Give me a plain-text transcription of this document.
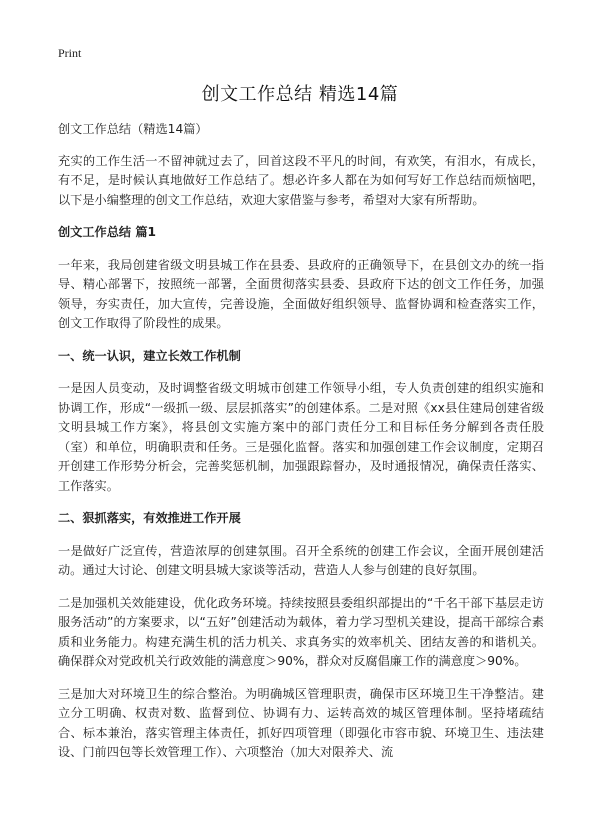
Print
创文工作总结 精选14篇

创文工作总结（精选14篇）

充实的工作生活一不留神就过去了，回首这段不平凡的时间，有欢笑，有泪水，有成长，有不足，是时候认真地做好工作总结了。想必许多人都在为如何写好工作总结而烦恼吧，以下是小编整理的创文工作总结，欢迎大家借鉴与参考，希望对大家有所帮助。

创文工作总结 篇1

一年来，我局创建省级文明县城工作在县委、县政府的正确领导下，在县创文办的统一指导、精心部署下，按照统一部署，全面贯彻落实县委、县政府下达的创文工作任务，加强领导，夯实责任，加大宣传，完善设施，全面做好组织领导、监督协调和检查落实工作，创文工作取得了阶段性的成果。

一、统一认识，建立长效工作机制

一是因人员变动，及时调整省级文明城市创建工作领导小组，专人负责创建的组织实施和协调工作，形成“一级抓一级、层层抓落实”的创建体系。二是对照《xx县住建局创建省级文明县城工作方案》，将县创文实施方案中的部门责任分工和目标任务分解到各责任股（室）和单位，明确职责和任务。三是强化监督。落实和加强创建工作会议制度，定期召开创建工作形势分析会，完善奖惩机制，加强跟踪督办，及时通报情况，确保责任落实、工作落实。

二、狠抓落实，有效推进工作开展

一是做好广泛宣传，营造浓厚的创建氛围。召开全系统的创建工作会议，全面开展创建活动。通过大讨论、创建文明县城大家谈等活动，营造人人参与创建的良好氛围。

二是加强机关效能建设，优化政务环境。持续按照县委组织部提出的“千名干部下基层走访服务活动”的方案要求，以“五好”创建活动为载体，着力学习型机关建设，提高干部综合素质和业务能力。构建充满生机的活力机关、求真务实的效率机关、团结友善的和谐机关。确保群众对党政机关行政效能的满意度＞90%，群众对反腐倡廉工作的满意度＞90%。

三是加大对环境卫生的综合整治。为明确城区管理职责，确保市区环境卫生干净整洁。建立分工明确、权责对数、监督到位、协调有力、运转高效的城区管理体制。坚持堵疏结合、标本兼治，落实管理主体责任，抓好四项管理（即强化市容市貌、环境卫生、违法建设、门前四包等长效管理工作）、六项整治（加大对限养犬、流
